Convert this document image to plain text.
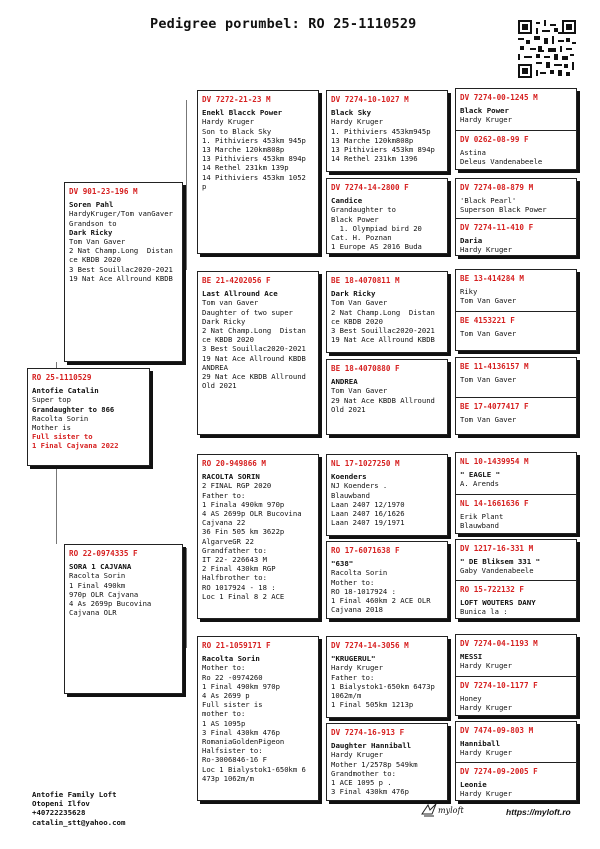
Pedigree porumbel: RO 25-1110529
RO 25-1110529
Antofie Catalin
Super top
Grandaughter to 866
Racolta Sorin
Mother is
Full sister to
1 Final Cajvana 2022
DV 901-23-196 M
Soren Pahl
HardyKruger/Tom vanGaver
Grandson to
Dark Ricky
Tom Van Gaver
2 Nat Champ.Long  Distan
ce KBDB 2020
3 Best Souillac2020-2021
19 Nat Ace Allround KBDB
RO 22-0974335 F
SORA 1 CAJVANA
Racolta Sorin
1 Final 490km
970p OLR Cajvana
4 As 2699p Bucovina
Cajvana OLR
DV 7272-21-23 M
Enekl Blacck Power
Hardy Kruger
Son to Black Sky
1. Pithiviers 453km 945p
13 Marche 120km808p
13 Pithiviers 453km 894p
14 Rethel 231km 139p
14 Pithiviers 453km 1052
p
BE 21-4202056 F
Last Allround Ace
Tom van Gaver
Daughter of two super
Dark Ricky
2 Nat Champ.Long  Distan
ce KBDB 2020
3 Best Souillac2020-2021
19 Nat Ace Allround KBDB
ANDREA
29 Nat Ace KBDB Allround
Old 2021
RO 20-949866 M
RACOLTA SORIN
2 FINAL RGP 2020
Father to:
1 Finala 490km 970p
4 AS 2699p OLR Bucovina
Cajvana 22
36 Fin 505 km 3622p
AlgarveGR 22
Grandfather to:
IT 22- 226643 M
2 Final 430km RGP
Halfbrother to:
RO 1017924 - 18 :
Loc 1 Final 8 2 ACE
RO 21-1059171 F
Racolta Sorin
Mother to:
Ro 22 -0974260
1 Final 490km 970p
4 As 2699 p
Full sister is
mother to:
1 AS 1095p
3 Final 430km 476p
RomaniaGoldenPigeon
Halfsister to:
Ro-3006846-16 F
Loc 1 Bialystok1-650km 6
473p 1062m/m
DV 7274-10-1027 M
Black Sky
Hardy Kruger
1. Pithiviers 453km945p
13 Marche 120km808p
13 Pithiviers 453km 894p
14 Rethel 231km 1396
DV 7274-14-2800 F
Candice
Grandaughter to
Black Power
1. Olympiad bird 20
Cat. H. Poznan
1 Europe AS 2016 Buda
BE 18-4070811 M
Dark Ricky
Tom Van Gaver
2 Nat Champ.Long  Distan
ce KBDB 2020
3 Best Souillac2020-2021
19 Nat Ace Allround KBDB
BE 18-4070880 F
ANDREA
Tom Van Gaver
29 Nat Ace KBDB Allround
Old 2021
NL 17-1027250 M
Koenders
NJ Koenders .
Blauwband
Laan 2407 12/1970
Laan 2407 16/1626
Laan 2407 19/1971
RO 17-6071638 F
"638"
Racolta Sorin
Mother to:
RO 18-1017924 :
1 Final 460km 2 ACE OLR
Cajvana 2018
DV 7274-14-3056 M
"KRUGERUL"
Hardy Kruger
Father to:
1 Bialystok1-650km 6473p
1062m/m
1 Final 505km 1213p
DV 7274-16-913 F
Daughter Hanniball
Hardy Kruger
Mother 1/2578p 549km
Grandmother to:
1 ACE 1095 p .
3 Final 430km 476p
DV 7274-00-1245 M
Black Power
Hardy Kruger
DV 0262-08-99 F
Astina
Deleus Vandenabeele
DV 7274-08-879 M
'Black Pearl'
Superson Black Power
DV 7274-11-410 F
Daria
Hardy Kruger
BE 13-414284 M
Riky
Tom Van Gaver
BE 4153221 F
Tom Van Gaver
BE 11-4136157 M
Tom Van Gaver
BE 17-4077417 F
Tom Van Gaver
NL 10-1439954 M
" EAGLE "
A. Arends
NL 14-1661636 F
Erik Plant
Blauwband
DV 1217-16-331 M
" DE Bliksem 331 "
Gaby Vandenabeele
RO 15-722132 F
LOFT WOUTERS DANY
Bunica la :
DV 7274-04-1193 M
MESSI
Hardy Kruger
DV 7274-10-1177 F
Honey
Hardy Kruger
DV 7474-09-803 M
Hanniball
Hardy Kruger
DV 7274-09-2005 F
Leonie
Hardy Kruger
Antofie Family Loft
Otopeni Ilfov
+40722235628
catalin_stt@yahoo.com
myloft	https://myloft.ro
